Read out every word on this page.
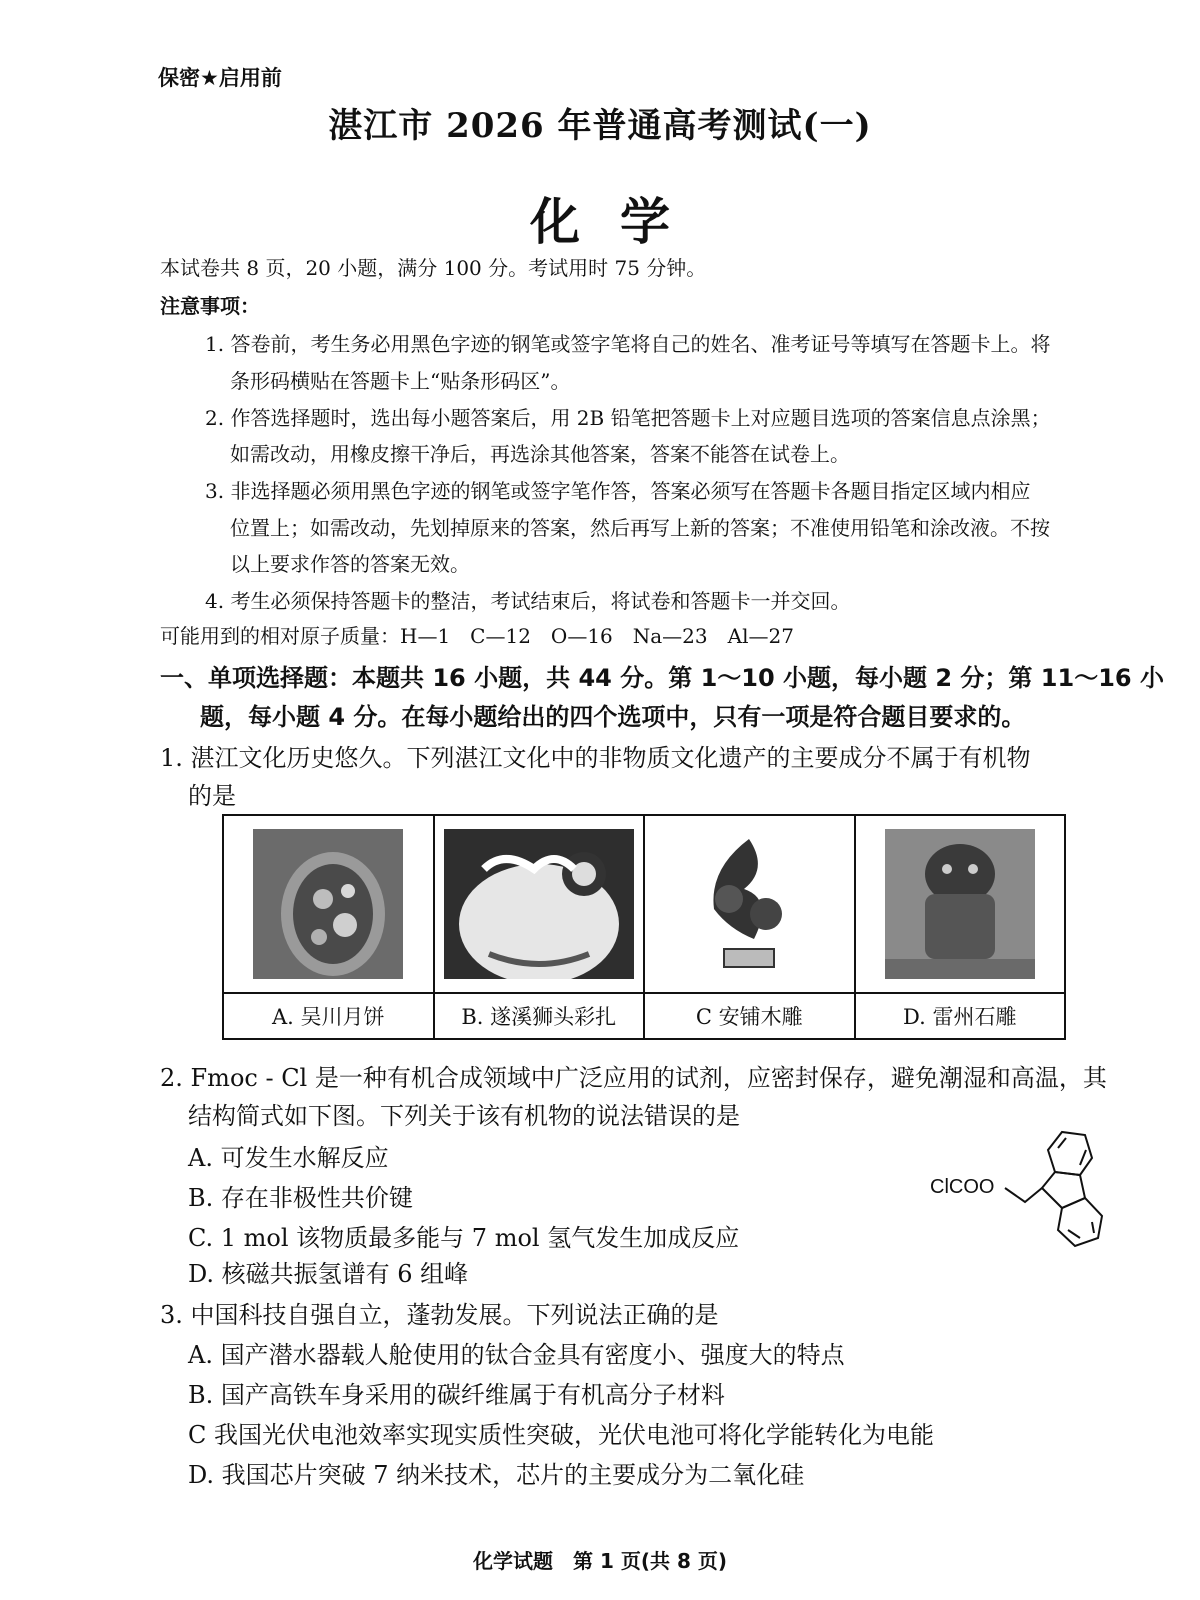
保密★启用前
湛江市 2026 年普通高考测试(一)
化学
本试卷共 8 页，20 小题，满分 100 分。考试用时 75 分钟。
注意事项：
1. 答卷前，考生务必用黑色字迹的钢笔或签字笔将自己的姓名、准考证号等填写在答题卡上。将
条形码横贴在答题卡上“贴条形码区”。
2. 作答选择题时，选出每小题答案后，用 2B 铅笔把答题卡上对应题目选项的答案信息点涂黑；
如需改动，用橡皮擦干净后，再选涂其他答案，答案不能答在试卷上。
3. 非选择题必须用黑色字迹的钢笔或签字笔作答，答案必须写在答题卡各题目指定区域内相应
位置上；如需改动，先划掉原来的答案，然后再写上新的答案；不准使用铅笔和涂改液。不按
以上要求作答的答案无效。
4. 考生必须保持答题卡的整洁，考试结束后，将试卷和答题卡一并交回。
可能用到的相对原子质量：H—1　C—12　O—16　Na—23　Al—27
一、单项选择题：本题共 16 小题，共 44 分。第 1～10 小题，每小题 2 分；第 11～16 小
题，每小题 4 分。在每小题给出的四个选项中，只有一项是符合题目要求的。
1. 湛江文化历史悠久。下列湛江文化中的非物质文化遗产的主要成分不属于有机物
的是
A. 吴川月饼	B. 遂溪狮头彩扎	C 安铺木雕	D. 雷州石雕
2. Fmoc - Cl 是一种有机合成领域中广泛应用的试剂，应密封保存，避免潮湿和高温，其
结构简式如下图。下列关于该有机物的说法错误的是
A. 可发生水解反应
B. 存在非极性共价键
C. 1 mol 该物质最多能与 7 mol 氢气发生加成反应
D. 核磁共振氢谱有 6 组峰
ClCOO
3. 中国科技自强自立，蓬勃发展。下列说法正确的是
A. 国产潜水器载人舱使用的钛合金具有密度小、强度大的特点
B. 国产高铁车身采用的碳纤维属于有机高分子材料
C 我国光伏电池效率实现实质性突破，光伏电池可将化学能转化为电能
D. 我国芯片突破 7 纳米技术，芯片的主要成分为二氧化硅
化学试题　第 1 页(共 8 页)
